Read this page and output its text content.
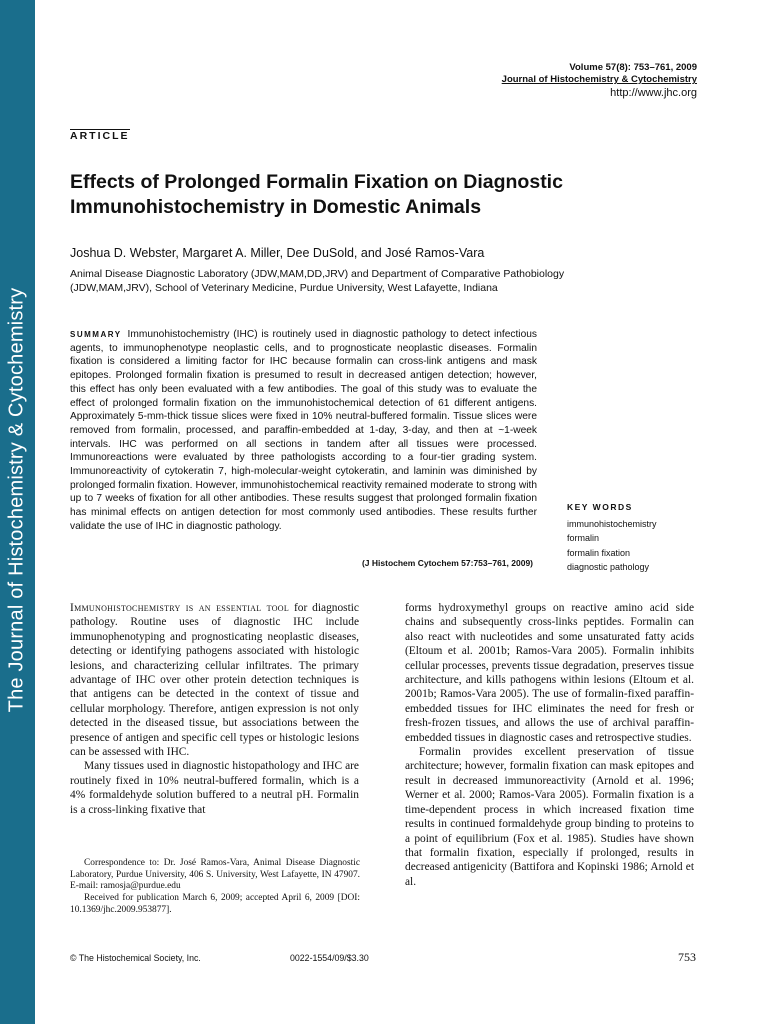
The Journal of Histochemistry & Cytochemistry
Volume 57(8): 753–761, 2009
Journal of Histochemistry & Cytochemistry
http://www.jhc.org
ARTICLE
Effects of Prolonged Formalin Fixation on Diagnostic
Immunohistochemistry in Domestic Animals
Joshua D. Webster, Margaret A. Miller, Dee DuSold, and José Ramos-Vara
Animal Disease Diagnostic Laboratory (JDW,MAM,DD,JRV) and Department of Comparative Pathobiology (JDW,MAM,JRV), School of Veterinary Medicine, Purdue University, West Lafayette, Indiana
SUMMARY Immunohistochemistry (IHC) is routinely used in diagnostic pathology to detect infectious agents, to immunophenotype neoplastic cells, and to prognosticate neoplastic diseases. Formalin fixation is considered a limiting factor for IHC because formalin can cross-link antigens and mask epitopes. Prolonged formalin fixation is presumed to result in decreased antigen detection; however, this effect has only been evaluated with a few antibodies. The goal of this study was to evaluate the effect of prolonged formalin fixation on the immunohistochemical detection of 61 different antigens. Approximately 5-mm-thick tissue slices were fixed in 10% neutral-buffered formalin. Tissue slices were removed from formalin, processed, and paraffin-embedded at 1-day, 3-day, and then at ~1-week intervals. IHC was performed on all sections in tandem after all tissues were processed. Immunoreactions were evaluated by three pathologists according to a four-tier grading system. Immunoreactivity of cytokeratin 7, high-molecular-weight cytokeratin, and laminin was diminished by prolonged formalin fixation. However, immunohistochemical reactivity remained moderate to strong with up to 7 weeks of fixation for all other antibodies. These results suggest that prolonged formalin fixation has minimal effects on antigen detection for most commonly used antibodies. These results further validate the use of IHC in diagnostic pathology.
(J Histochem Cytochem 57:753–761, 2009)
KEY WORDS
immunohistochemistry
formalin
formalin fixation
diagnostic pathology

Immunohistochemistry is an essential tool for diagnostic pathology. Routine uses of diagnostic IHC include immunophenotyping and prognosticating neoplastic diseases, detecting or identifying pathogens associated with histologic lesions, and characterizing cellular infiltrates. The primary advantage of IHC over other protein detection techniques is that antigens can be detected in the context of tissue and cellular morphology. Therefore, antigen expression is not only detected in the diseased tissue, but associations between the presence of antigen and specific cell types or histologic lesions can be assessed with IHC.

Many tissues used in diagnostic histopathology and IHC are routinely fixed in 10% neutral-buffered formalin, which is a 4% formaldehyde solution buffered to a neutral pH. Formalin is a cross-linking fixative that

Correspondence to: Dr. José Ramos-Vara, Animal Disease Diagnostic Laboratory, Purdue University, 406 S. University, West Lafayette, IN 47907. E-mail: ramosja@purdue.edu

Received for publication March 6, 2009; accepted April 6, 2009 [DOI: 10.1369/jhc.2009.953877].

forms hydroxymethyl groups on reactive amino acid side chains and subsequently cross-links peptides. Formalin can also react with nucleotides and some unsaturated fatty acids (Eltoum et al. 2001b; Ramos-Vara 2005). Formalin inhibits cellular processes, prevents tissue degradation, preserves tissue architecture, and kills pathogens within lesions (Eltoum et al. 2001b; Ramos-Vara 2005). The use of formalin-fixed paraffin-embedded tissues for IHC eliminates the need for fresh or fresh-frozen tissues, and allows the use of archival paraffin-embedded tissues in diagnostic cases and retrospective studies.

Formalin provides excellent preservation of tissue architecture; however, formalin fixation can mask epitopes and result in decreased immunoreactivity (Arnold et al. 1996; Werner et al. 2000; Ramos-Vara 2005). Formalin fixation is a time-dependent process in which increased fixation time results in continued formaldehyde group binding to proteins to a point of equilibrium (Fox et al. 1985). Studies have shown that formalin fixation, especially if prolonged, results in decreased antigenicity (Battifora and Kopinski 1986; Arnold et al.

© The Histochemical Society, Inc.	0022-1554/09/$3.30	753
